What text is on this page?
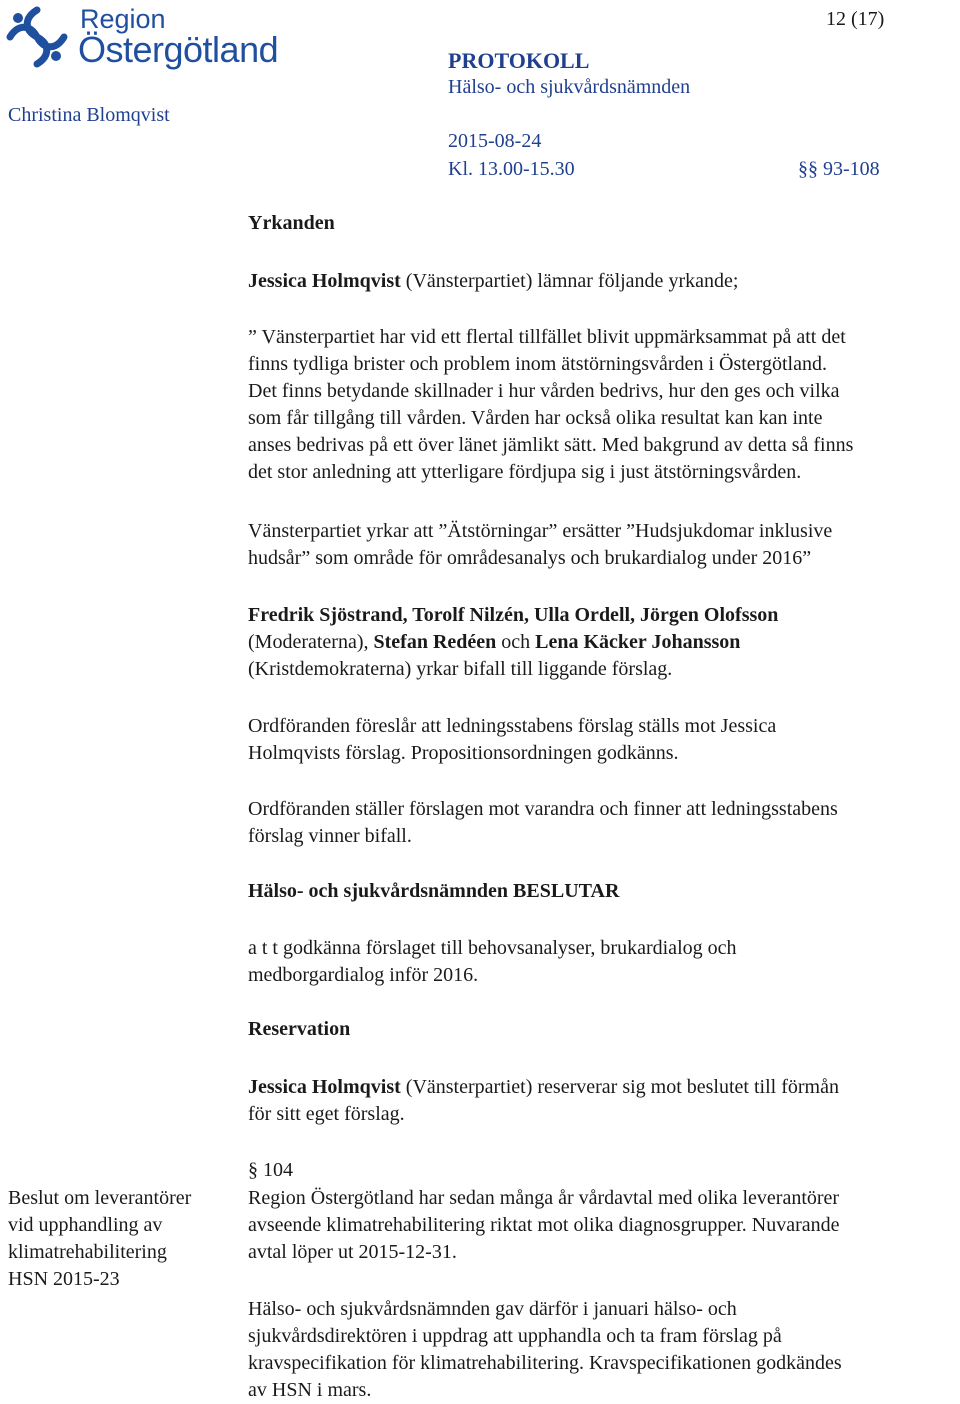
Region
Östergötland
12 (17)
PROTOKOLL
Hälso- och sjukvårdsnämnden
Christina Blomqvist
2015-08-24
Kl. 13.00-15.30	§§ 93-108
Yrkanden
Jessica Holmqvist (Vänsterpartiet) lämnar följande yrkande;
” Vänsterpartiet har vid ett flertal tillfället blivit uppmärksammat på att det
finns tydliga brister och problem inom ätstörningsvården i Östergötland.
Det finns betydande skillnader i hur vården bedrivs, hur den ges och vilka
som får tillgång till vården. Vården har också olika resultat kan kan inte
anses bedrivas på ett över länet jämlikt sätt. Med bakgrund av detta så finns
det stor anledning att ytterligare fördjupa sig i just ätstörningsvården.
Vänsterpartiet yrkar att ”Ätstörningar” ersätter ”Hudsjukdomar inklusive
hudsår” som område för områdesanalys och brukardialog under 2016”
Fredrik Sjöstrand, Torolf Nilzén, Ulla Ordell, Jörgen Olofsson
(Moderaterna), Stefan Redéen och Lena Käcker Johansson
(Kristdemokraterna) yrkar bifall till liggande förslag.
Ordföranden föreslår att ledningsstabens förslag ställs mot Jessica
Holmqvists förslag. Propositionsordningen godkänns.
Ordföranden ställer förslagen mot varandra och finner att ledningsstabens
förslag vinner bifall.
Hälso- och sjukvårdsnämnden BESLUTAR
a t t godkänna förslaget till behovsanalyser, brukardialog och
medborgardialog inför 2016.
Reservation
Jessica Holmqvist (Vänsterpartiet) reserverar sig mot beslutet till förmån
för sitt eget förslag.
§ 104
Beslut om leverantörer
vid upphandling av
klimatrehabilitering
HSN 2015-23
Region Östergötland har sedan många år vårdavtal med olika leverantörer
avseende klimatrehabilitering riktat mot olika diagnosgrupper. Nuvarande
avtal löper ut 2015-12-31.
Hälso- och sjukvårdsnämnden gav därför i januari hälso- och
sjukvårdsdirektören i uppdrag att upphandla och ta fram förslag på
kravspecifikation för klimatrehabilitering. Kravspecifikationen godkändes
av HSN i mars.
